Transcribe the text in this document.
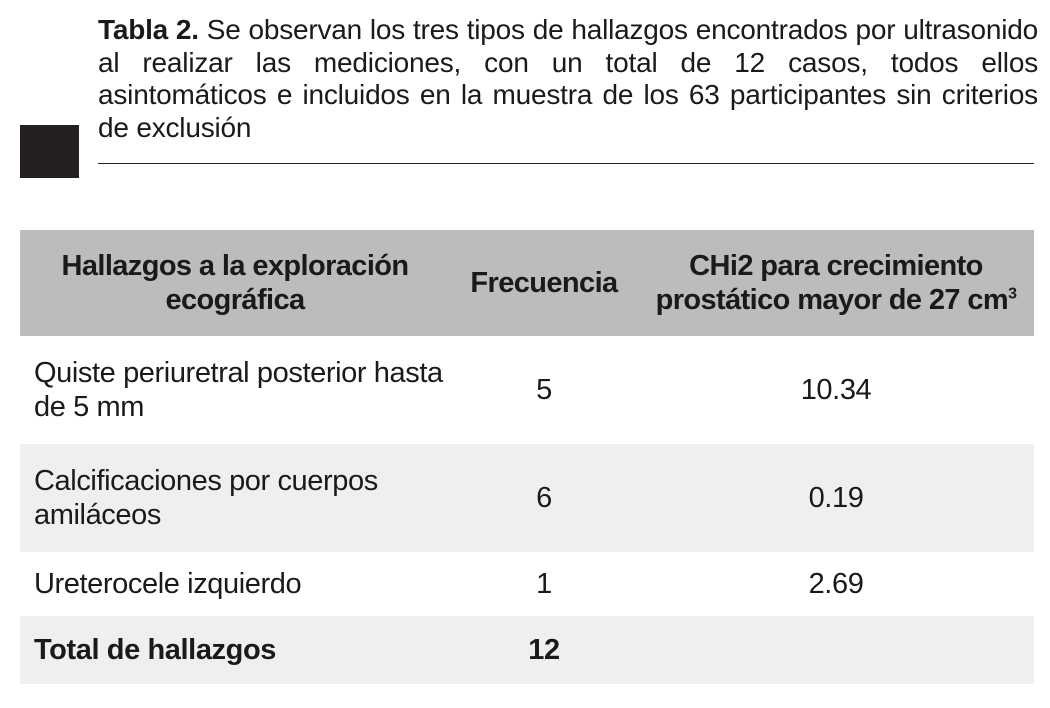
Tabla 2. Se observan los tres tipos de hallazgos encontrados por ultrasonido al realizar las mediciones, con un total de 12 casos, todos ellos asintomáticos e incluidos en la muestra de los 63 participantes sin criterios de exclusión

Hallazgos a la exploración ecográfica	Frecuencia	CHi2 para crecimiento prostático mayor de 27 $cm^3$
Quiste periuretral posterior hasta de 5 mm	5	10.34
Calcificaciones por cuerpos amiláceos	6	0.19
Ureterocele izquierdo	1	2.69
Total de hallazgos	12	
